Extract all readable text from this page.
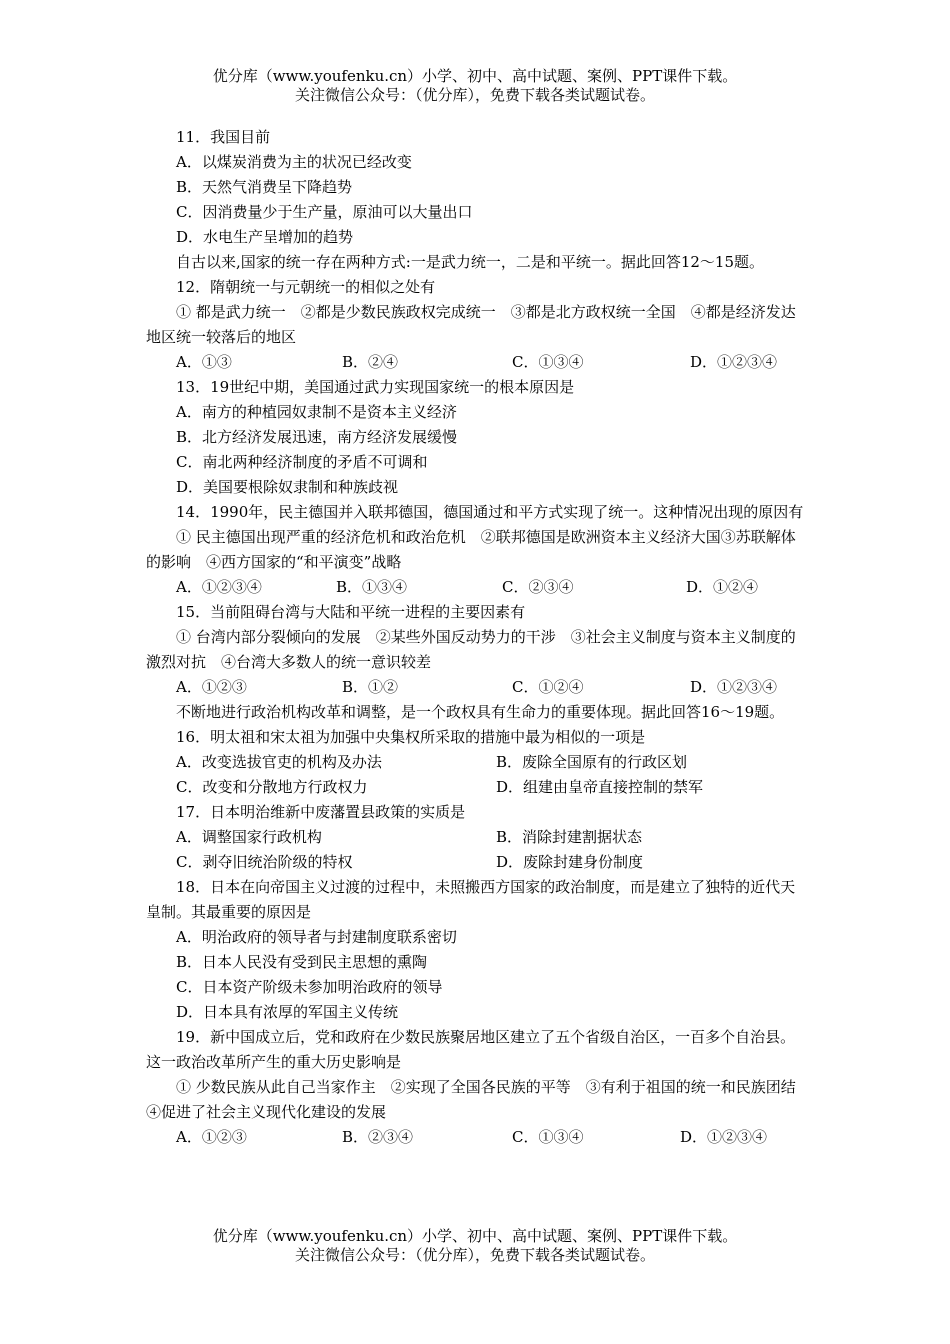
优分库（www.youfenku.cn）小学、初中、高中试题、案例、PPT课件下载。
关注微信公众号：（优分库），免费下载各类试题试卷。
11．我国目前
A．以煤炭消费为主的状况已经改变
B．天然气消费呈下降趋势
C．因消费量少于生产量，原油可以大量出口
D．水电生产呈增加的趋势
自古以来,国家的统一存在两种方式:一是武力统一，二是和平统一。据此回答12～15题。
12．隋朝统一与元朝统一的相似之处有
① 都是武力统一　②都是少数民族政权完成统一　③都是北方政权统一全国　④都是经济发达地区统一较落后的地区
A．①③	B．②④	C．①③④	D．①②③④
13．19世纪中期，美国通过武力实现国家统一的根本原因是
A．南方的种植园奴隶制不是资本主义经济
B．北方经济发展迅速，南方经济发展缓慢
C．南北两种经济制度的矛盾不可调和
D．美国要根除奴隶制和种族歧视
14．1990年，民主德国并入联邦德国，德国通过和平方式实现了统一。这种情况出现的原因有
① 民主德国出现严重的经济危机和政治危机　②联邦德国是欧洲资本主义经济大国③苏联解体的影响　④西方国家的“和平演变”战略
A．①②③④	B．①③④	C．②③④	D．①②④
15．当前阻碍台湾与大陆和平统一进程的主要因素有
① 台湾内部分裂倾向的发展　②某些外国反动势力的干涉　③社会主义制度与资本主义制度的激烈对抗　④台湾大多数人的统一意识较差
A．①②③	B．①②	C．①②④	D．①②③④
不断地进行政治机构改革和调整，是一个政权具有生命力的重要体现。据此回答16～19题。
16．明太祖和宋太祖为加强中央集权所采取的措施中最为相似的一项是
A．改变选拔官吏的机构及办法	B．废除全国原有的行政区划
C．改变和分散地方行政权力	D．组建由皇帝直接控制的禁军
17．日本明治维新中废藩置县政策的实质是
A．调整国家行政机构	B．消除封建割据状态
C．剥夺旧统治阶级的特权	D．废除封建身份制度
18．日本在向帝国主义过渡的过程中，未照搬西方国家的政治制度，而是建立了独特的近代天皇制。其最重要的原因是
A．明治政府的领导者与封建制度联系密切
B．日本人民没有受到民主思想的熏陶
C．日本资产阶级未参加明治政府的领导
D．日本具有浓厚的军国主义传统
19．新中国成立后，党和政府在少数民族聚居地区建立了五个省级自治区，一百多个自治县。这一政治改革所产生的重大历史影响是
① 少数民族从此自己当家作主　②实现了全国各民族的平等　③有利于祖国的统一和民族团结　④促进了社会主义现代化建设的发展
A．①②③	B．②③④	C．①③④	D．①②③④
优分库（www.youfenku.cn）小学、初中、高中试题、案例、PPT课件下载。
关注微信公众号：（优分库），免费下载各类试题试卷。
